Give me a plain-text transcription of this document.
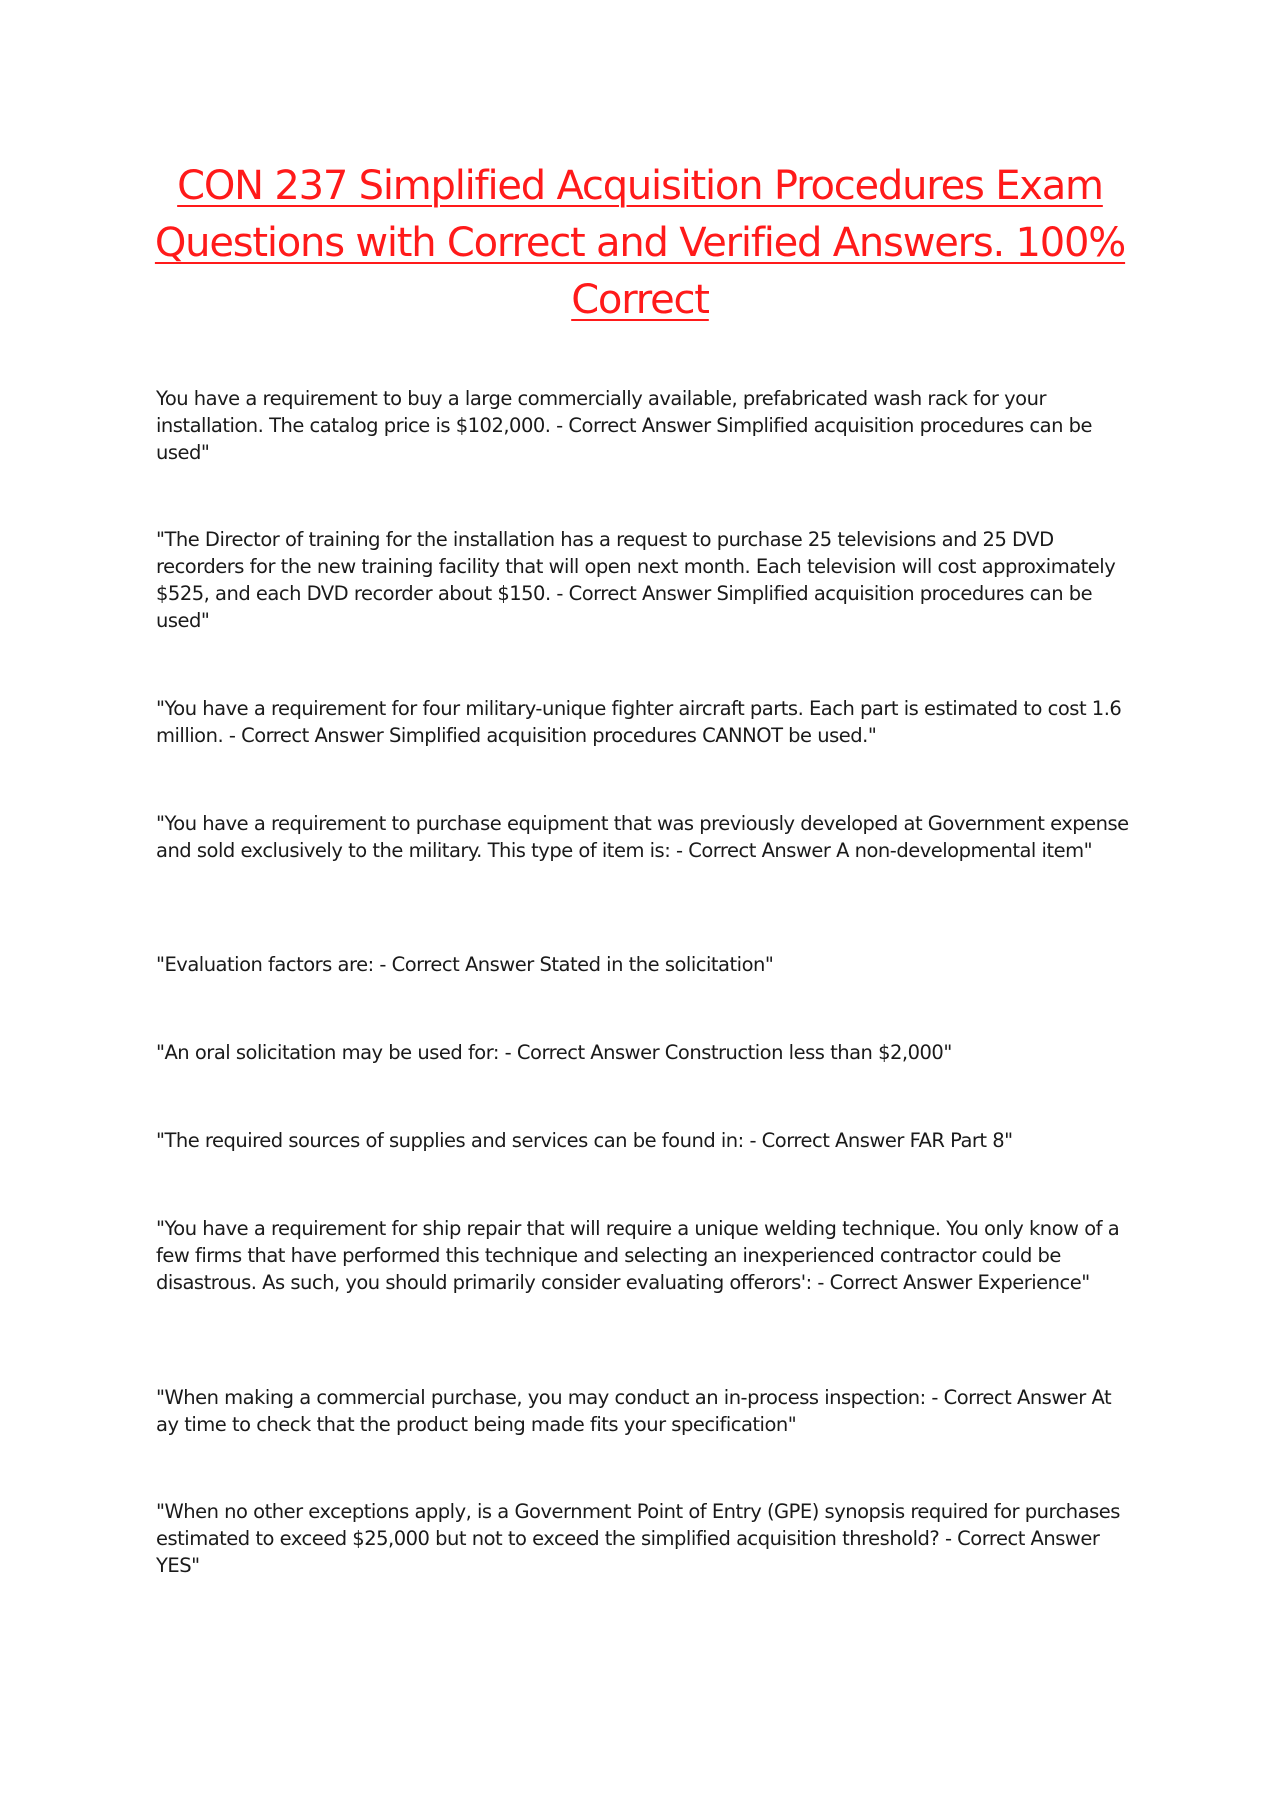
CON 237 Simplified Acquisition Procedures Exam Questions with Correct and Verified Answers. 100% Correct

You have a requirement to buy a large commercially available, prefabricated wash rack for your installation. The catalog price is $102,000. - Correct Answer Simplified acquisition procedures can be used"

"The Director of training for the installation has a request to purchase 25 televisions and 25 DVD recorders for the new training facility that will open next month. Each television will cost approximately $525, and each DVD recorder about $150. - Correct Answer Simplified acquisition procedures can be used"

"You have a requirement for four military-unique fighter aircraft parts. Each part is estimated to cost 1.6 million. - Correct Answer Simplified acquisition procedures CANNOT be used."

"You have a requirement to purchase equipment that was previously developed at Government expense and sold exclusively to the military. This type of item is: - Correct Answer A non-developmental item"

"Evaluation factors are: - Correct Answer Stated in the solicitation"

"An oral solicitation may be used for: - Correct Answer Construction less than $2,000"

"The required sources of supplies and services can be found in: - Correct Answer FAR Part 8"

"You have a requirement for ship repair that will require a unique welding technique. You only know of a few firms that have performed this technique and selecting an inexperienced contractor could be disastrous. As such, you should primarily consider evaluating offerors': - Correct Answer Experience"

"When making a commercial purchase, you may conduct an in-process inspection: - Correct Answer At ay time to check that the product being made fits your specification"

"When no other exceptions apply, is a Government Point of Entry (GPE) synopsis required for purchases estimated to exceed $25,000 but not to exceed the simplified acquisition threshold? - Correct Answer YES"
